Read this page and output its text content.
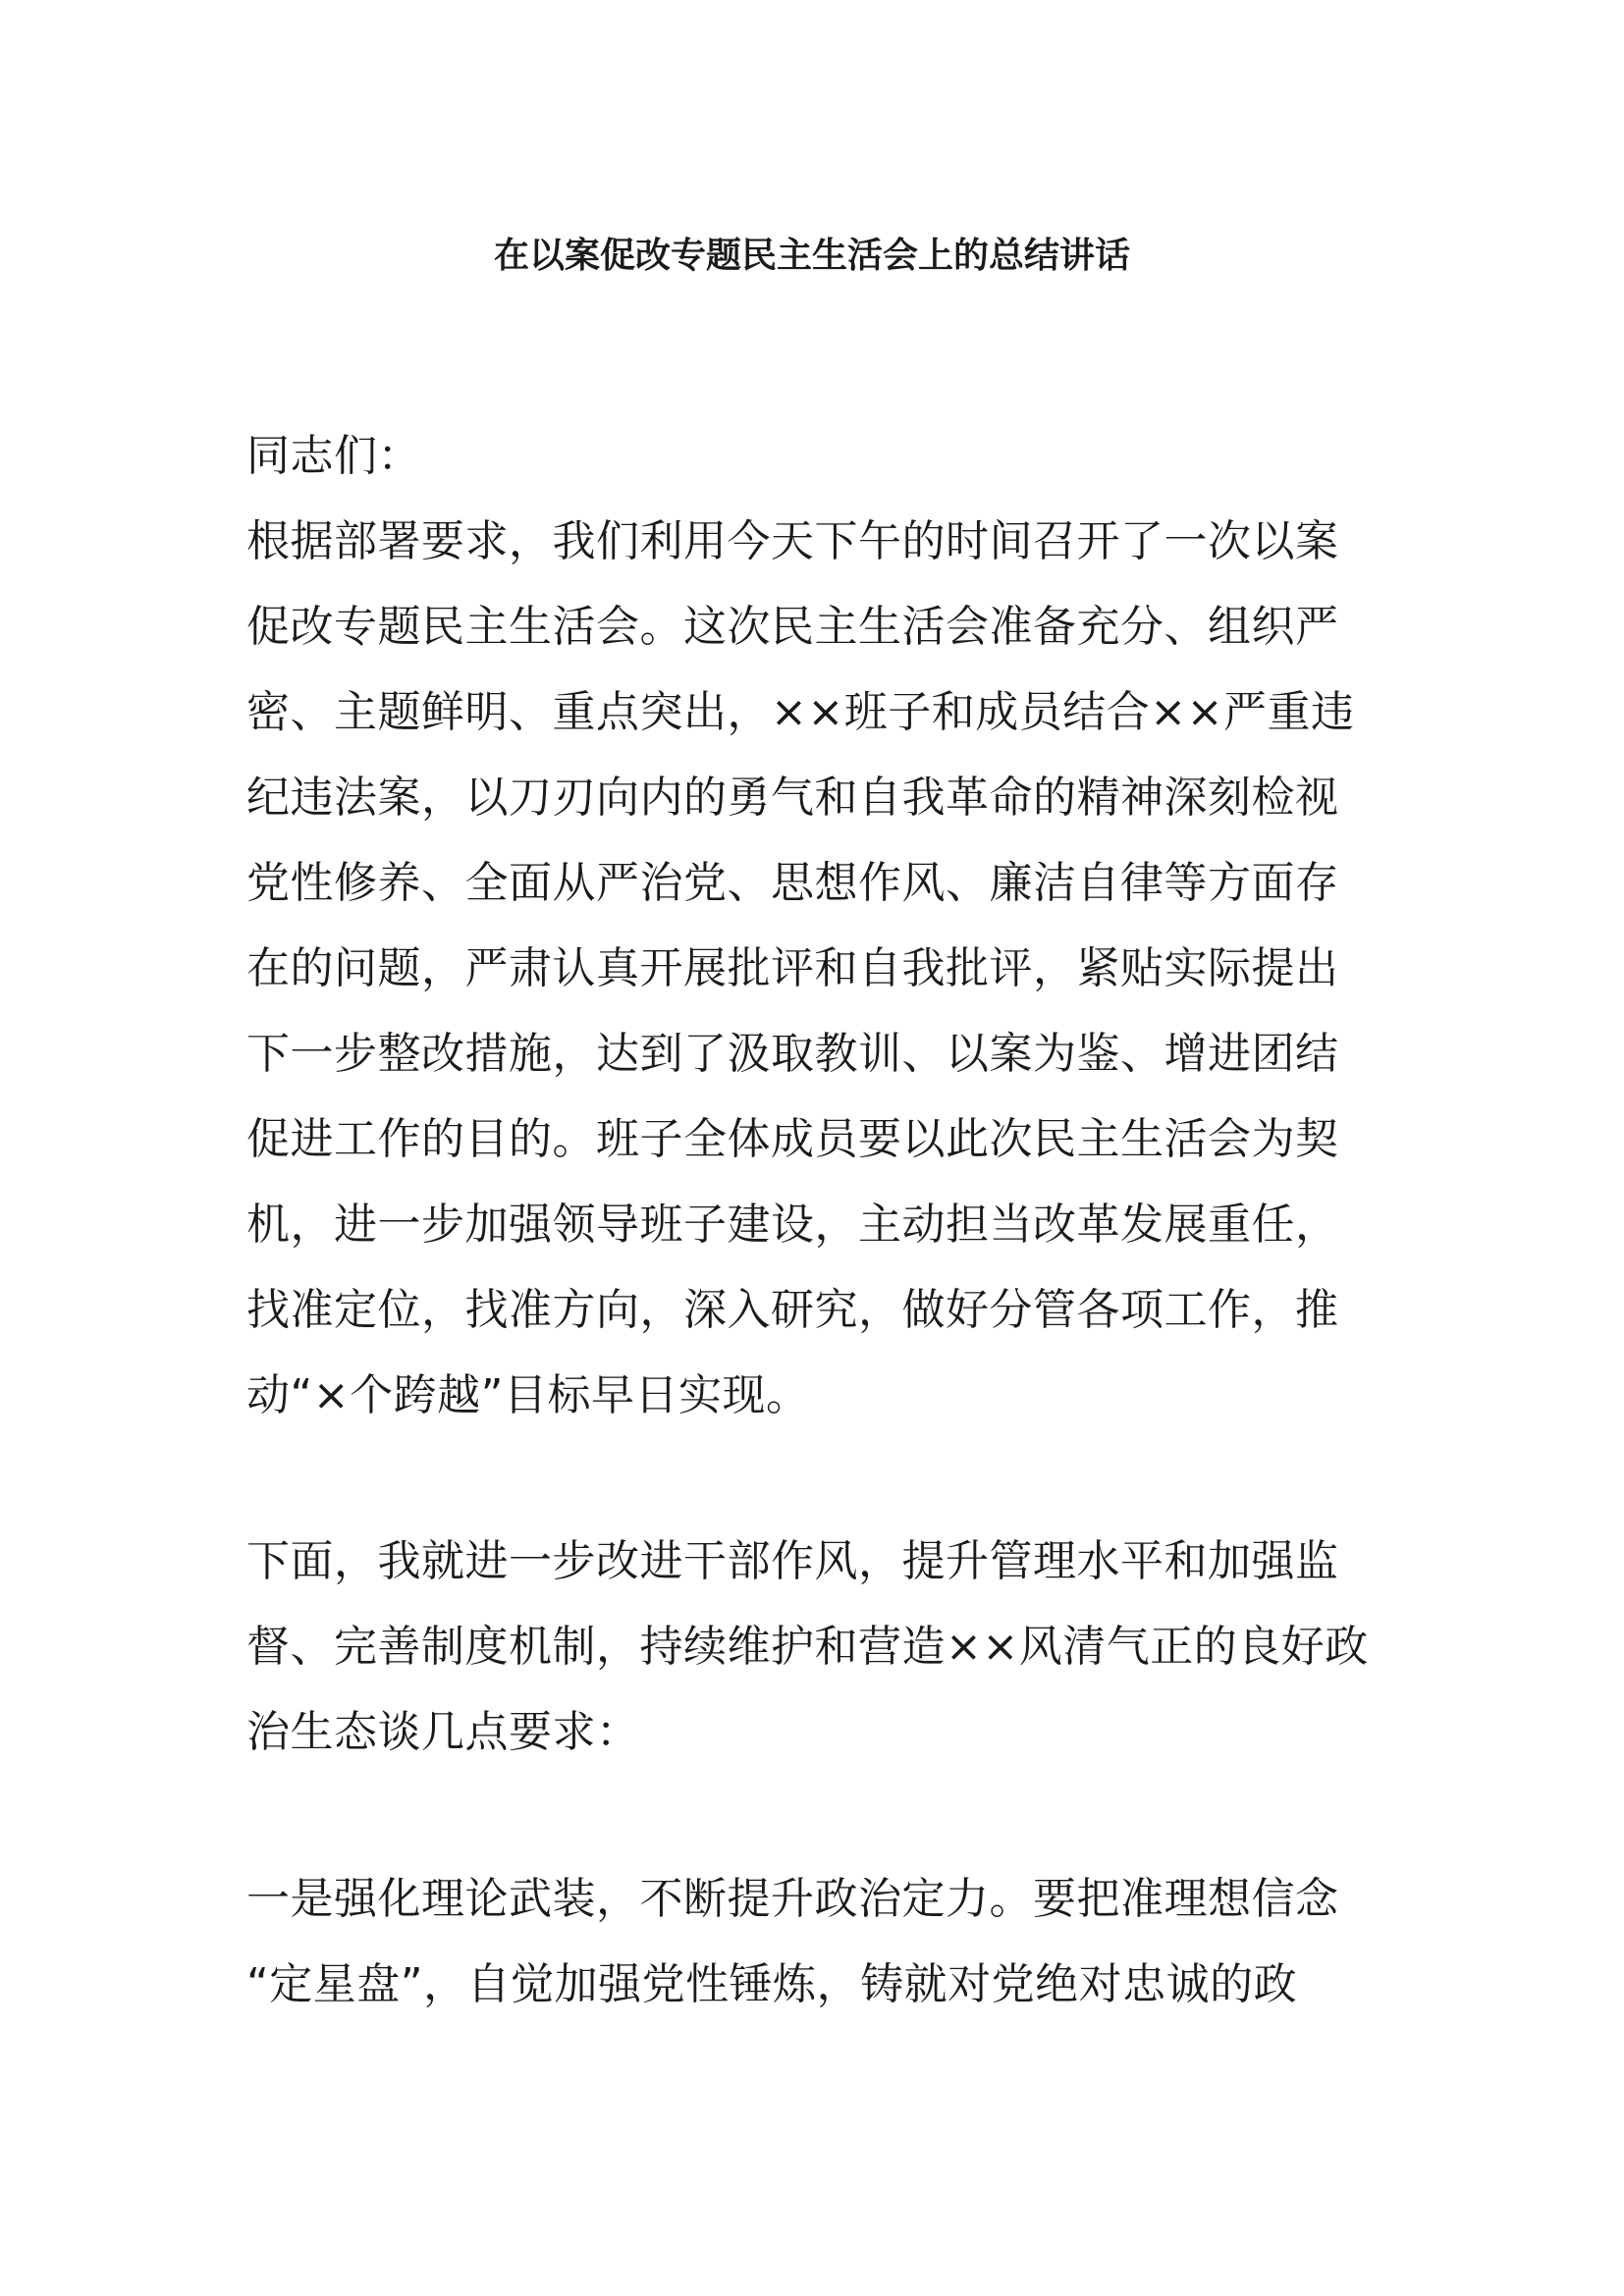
在以案促改专题民主生活会上的总结讲话
同志们：
根据部署要求，我们利用今天下午的时间召开了一次以案
促改专题民主生活会。这次民主生活会准备充分、组织严
密、主题鲜明、重点突出，××班子和成员结合××严重违
纪违法案，以刀刃向内的勇气和自我革命的精神深刻检视
党性修养、全面从严治党、思想作风、廉洁自律等方面存
在的问题，严肃认真开展批评和自我批评，紧贴实际提出
下一步整改措施，达到了汲取教训、以案为鉴、增进团结
促进工作的目的。班子全体成员要以此次民主生活会为契
机，进一步加强领导班子建设，主动担当改革发展重任，
找准定位，找准方向，深入研究，做好分管各项工作，推
动“×个跨越”目标早日实现。
下面，我就进一步改进干部作风，提升管理水平和加强监
督、完善制度机制，持续维护和营造××风清气正的良好政
治生态谈几点要求：
一是强化理论武装，不断提升政治定力。要把准理想信念
“定星盘”，自觉加强党性锤炼，铸就对党绝对忠诚的政
